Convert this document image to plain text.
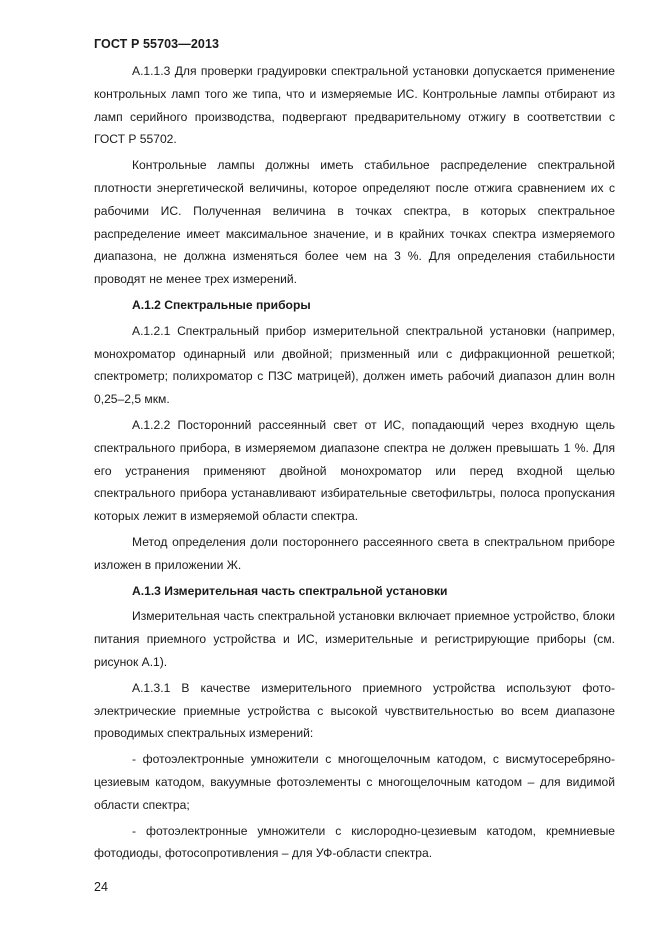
ГОСТ Р 55703—2013

А.1.1.3 Для проверки градуировки спектральной установки допускается применение контрольных ламп того же типа, что и измеряемые ИС. Контрольные лампы отбирают из ламп серийного производства, подвергают предварительному отжигу в соответствии с ГОСТ Р 55702.

Контрольные лампы должны иметь стабильное распределение спектральной плотности энергетической величины, которое определяют после отжига сравнением их с рабочими ИС. Полученная величина в точках спектра, в которых спектральное распределение имеет максимальное значение, и в крайних точках спектра измеряемого диапазона, не должна изменяться более чем на 3 %. Для определения стабильности проводят не менее трех измерений.

А.1.2 Спектральные приборы

А.1.2.1 Спектральный прибор измерительной спектральной установки (например, монохроматор одинарный или двойной; призменный или с дифракционной решеткой; спектрометр; полихроматор с ПЗС матрицей), должен иметь рабочий диапазон длин волн 0,25–2,5 мкм.

А.1.2.2 Посторонний рассеянный свет от ИС, попадающий через входную щель спектрального прибора, в измеряемом диапазоне спектра не должен превышать 1 %. Для его устранения применяют двойной монохроматор или перед входной щелью спектрального прибора устанавливают избирательные светофильтры, полоса пропускания которых лежит в измеряемой области спектра.

Метод определения доли постороннего рассеянного света в спектральном приборе изложен в приложении Ж.

А.1.3 Измерительная часть спектральной установки

Измерительная часть спектральной установки включает приемное устройство, блоки питания приемного устройства и ИС, измерительные и регистрирующие приборы (см. рисунок А.1).

А.1.3.1 В качестве измерительного приемного устройства используют фотоэлектрические приемные устройства с высокой чувствительностью во всем диапазоне проводимых спектральных измерений:

- фотоэлектронные умножители с многощелочным катодом, с висмутосеребряно-цезиевым катодом, вакуумные фотоэлементы с многощелочным катодом – для видимой области спектра;

- фотоэлектронные умножители с кислородно-цезиевым катодом, кремниевые фотодиоды, фотосопротивления – для УФ-области спектра.

24
